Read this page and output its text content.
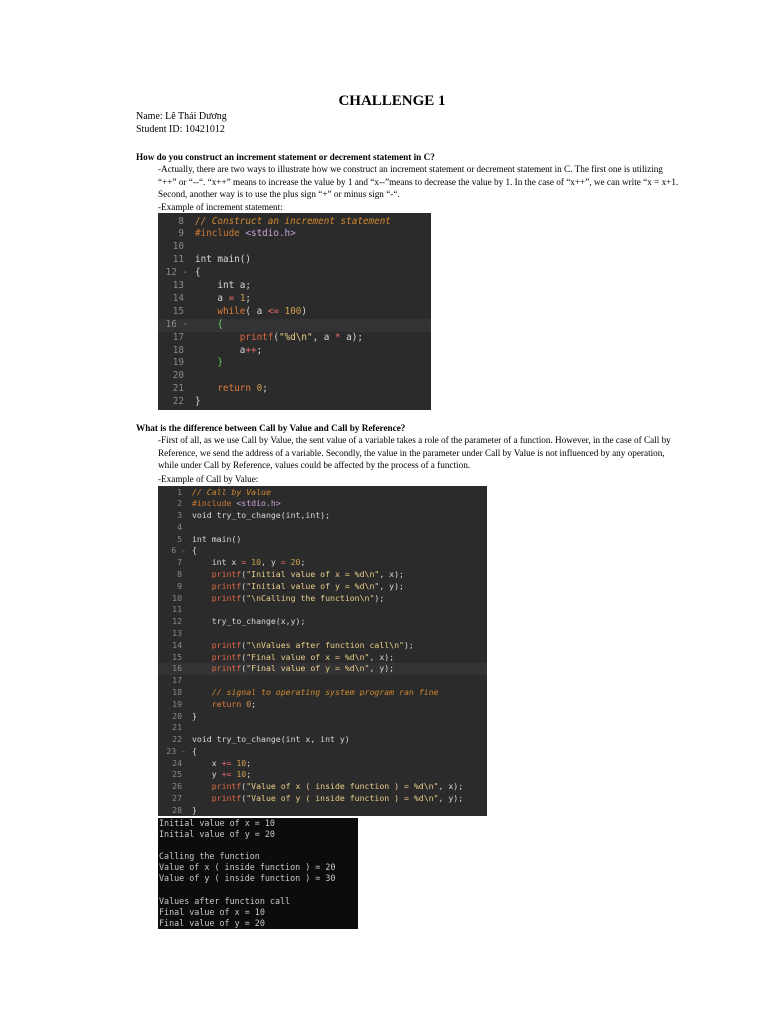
CHALLENGE 1
Name: Lê Thái Dương
Student ID: 10421012
How do you construct an increment statement or decrement statement in C?

-Actually, there are two ways to illustrate how we construct an increment statement or decrement statement in C. The first one is utilizing “++” or “--“. “x++” means to increase the value by 1 and “x--”means to decrease the value by 1. In the case of “x++”, we can write “x = x+1. Second, another way is to use the plus sign “+” or minus sign “-“.

-Example of increment statement:
8 // Construct an increment statement
9 #include <stdio.h>
10
11 int main()
12 - {
13 int a;
14 a = 1;
15	while( a <= 100)
16 -	{
17	printf("%d\n", a * a);
18 a++;
19	}
20
21	return 0;
22 }
What is the difference between Call by Value and Call by Reference?

-First of all, as we use Call by Value, the sent value of a variable takes a role of the parameter of a function. However, in the case of Call by Reference, we send the address of a variable. Secondly, the value in the parameter under Call by Value is not influenced by any operation, while under Call by Reference, values could be affected by the process of a function.

-Example of Call by Value:
1 // Call by Value
2 #include <stdio.h>
3 void try_to_change(int,int);
4
5 int main()
6 - {
7 int x = 10, y = 20;
8	printf("Initial value of x = %d\n", x);
9	printf("Initial value of y = %d\n", y);
10	printf("\nCalling the function\n");
11
12 try_to_change(x,y);
13
14	printf("\nValues after function call\n");
15	printf("Final value of x = %d\n", x);
16	printf("Final value of y = %d\n", y);
17
18	// signal to operating system program ran fine
19	return 0;
20 }
21
22 void try_to_change(int x, int y)
23 - {
24 x += 10;
25 y += 10;
26	printf("Value of x ( inside function ) = %d\n", x);
27	printf("Value of y ( inside function ) = %d\n", y);
28 }
Initial value of x = 10
Initial value of y = 20
Calling the function
Value of x ( inside function ) = 20
Value of y ( inside function ) = 30
Values after function call
Final value of x = 10
Final value of y = 20
